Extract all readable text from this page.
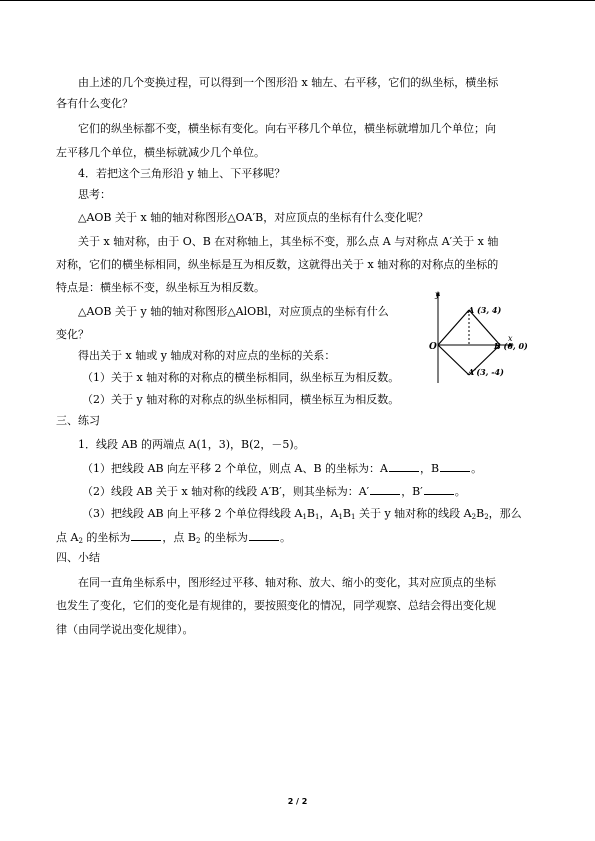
由上述的几个变换过程，可以得到一个图形沿 x 轴左、右平移，它们的纵坐标，横坐标
各有什么变化？
它们的纵坐标都不变，横坐标有变化。向右平移几个单位，横坐标就增加几个单位；向
左平移几个单位，横坐标就减少几个单位。
4．若把这个三角形沿 y 轴上、下平移呢？
思考：
△AOB 关于 x 轴的轴对称图形△OA′B，对应顶点的坐标有什么变化呢？
关于 x 轴对称，由于 O、B 在对称轴上，其坐标不变，那么点 A 与对称点 A′关于 x 轴
对称，它们的横坐标相同，纵坐标是互为相反数，这就得出关于 x 轴对称的对称点的坐标的
特点是：横坐标不变，纵坐标互为相反数。
△AOB 关于 y 轴的轴对称图形△AlOBl，对应顶点的坐标有什么
变化？
得出关于 x 轴或 y 轴成对称的对应点的坐标的关系：
（1）关于 x 轴对称的对称点的横坐标相同，纵坐标互为相反数。
（2）关于 y 轴对称的对称点的纵坐标相同，横坐标互为相反数。
三、练习
1．线段 AB 的两端点 A(1，3)，B(2，－5)。
（1）把线段 AB 向左平移 2 个单位，则点 A、B 的坐标为：A	，B	。
（2）线段 AB 关于 x 轴对称的线段 A′B′，则其坐标为：A′	，B′	。
（3）把线段 AB 向上平移 2 个单位得线段 $A_1B_1$，$A_1B_1$ 关于 y 轴对称的线段 $A_2B_2$，那么
点 $A_2$ 的坐标为	，点 $B_2$ 的坐标为	。
四、小结
在同一直角坐标系中，图形经过平移、轴对称、放大、缩小的变化，其对应顶点的坐标
也发生了变化，它们的变化是有规律的，要按照变化的情况，同学观察、总结会得出变化规
律（由同学说出变化规律）。
y
x
O
A (3, 4)
B (6, 0)
A′(3, -4)
2 / 2
